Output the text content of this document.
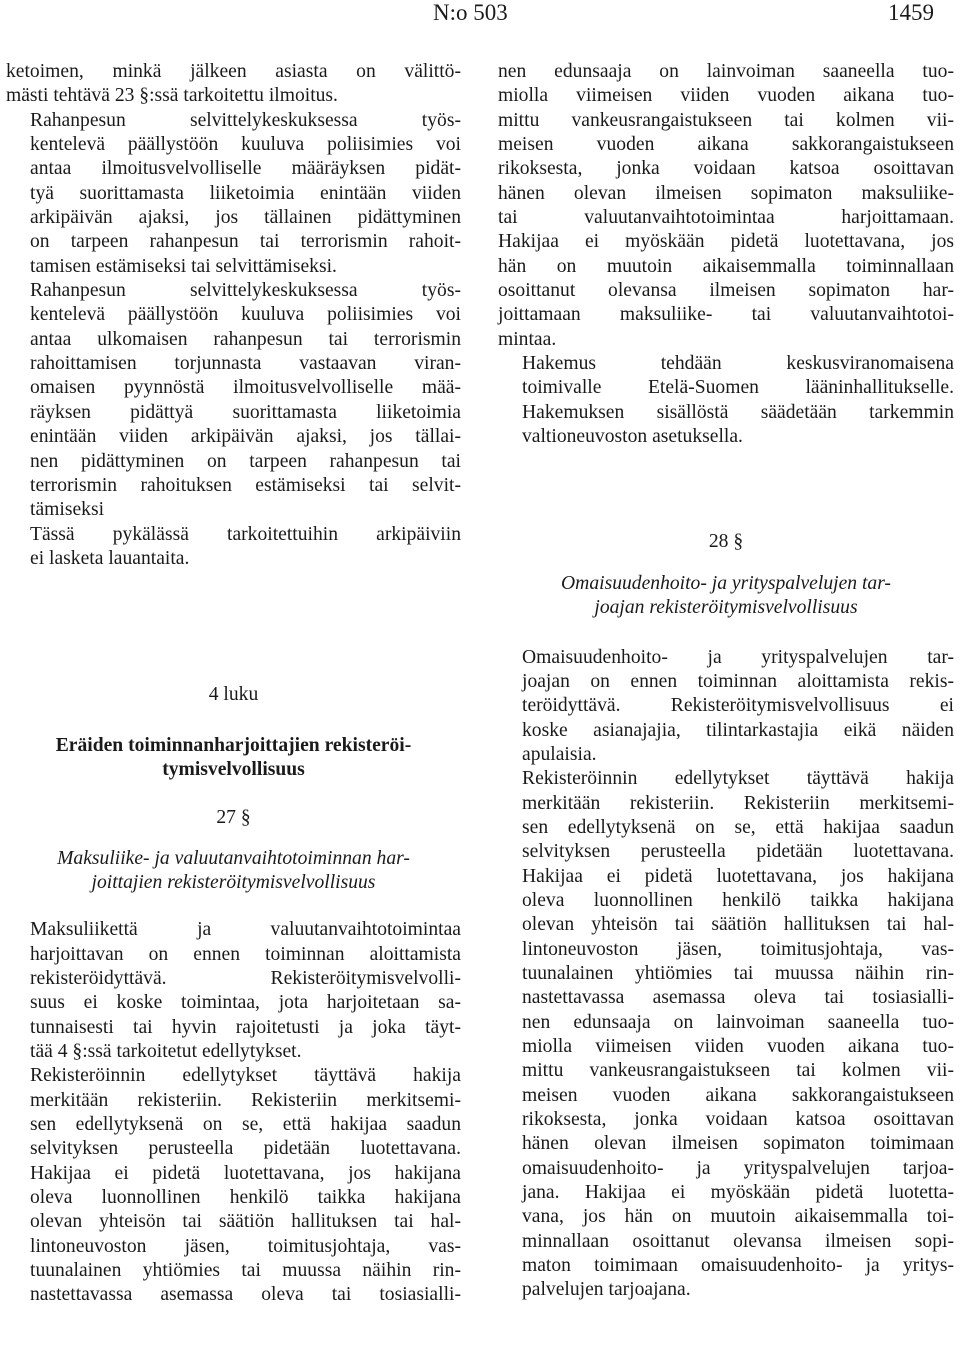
N:o 503	1459

ketoimen, minkä jälkeen asiasta on välittö-
mästi tehtävä 23 §:ssä tarkoitettu ilmoitus.

Rahanpesun selvittelykeskuksessa työs-
kentelevä päällystöön kuuluva poliisimies voi
antaa ilmoitusvelvolliselle määräyksen pidät-
tyä suorittamasta liiketoimia enintään viiden
arkipäivän ajaksi, jos tällainen pidättyminen
on tarpeen rahanpesun tai terrorismin rahoit-
tamisen estämiseksi tai selvittämiseksi.

Rahanpesun selvittelykeskuksessa työs-
kentelevä päällystöön kuuluva poliisimies voi
antaa ulkomaisen rahanpesun tai terrorismin
rahoittamisen torjunnasta vastaavan viran-
omaisen pyynnöstä ilmoitusvelvolliselle mää-
räyksen pidättyä suorittamasta liiketoimia
enintään viiden arkipäivän ajaksi, jos tällai-
nen pidättyminen on tarpeen rahanpesun tai
terrorismin rahoituksen estämiseksi tai selvit-
tämiseksi

Tässä pykälässä tarkoitettuihin arkipäiviin
ei lasketa lauantaita.

4 luku

Eräiden toiminnanharjoittajien rekisteröi-
tymisvelvollisuus

27 §

Maksuliike- ja valuutanvaihtotoiminnan har-
joittajien rekisteröitymisvelvollisuus

Maksuliikettä ja valuutanvaihtotoimintaa
harjoittavan on ennen toiminnan aloittamista
rekisteröidyttävä. Rekisteröitymisvelvolli-
suus ei koske toimintaa, jota harjoitetaan sa-
tunnaisesti tai hyvin rajoitetusti ja joka täyt-
tää 4 §:ssä tarkoitetut edellytykset.

Rekisteröinnin edellytykset täyttävä hakija
merkitään rekisteriin. Rekisteriin merkitsemi-
sen edellytyksenä on se, että hakijaa saadun
selvityksen perusteella pidetään luotettavana.
Hakijaa ei pidetä luotettavana, jos hakijana
oleva luonnollinen henkilö taikka hakijana
olevan yhteisön tai säätiön hallituksen tai hal-
lintoneuvoston jäsen, toimitusjohtaja, vas-
tuunalainen yhtiömies tai muussa näihin rin-
nastettavassa asemassa oleva tai tosiasialli-

nen edunsaaja on lainvoiman saaneella tuo-
miolla viimeisen viiden vuoden aikana tuo-
mittu vankeusrangaistukseen tai kolmen vii-
meisen vuoden aikana sakkorangaistukseen
rikoksesta, jonka voidaan katsoa osoittavan
hänen olevan ilmeisen sopimaton maksuliike-
tai valuutanvaihtotoimintaa harjoittamaan.
Hakijaa ei myöskään pidetä luotettavana, jos
hän on muutoin aikaisemmalla toiminnallaan
osoittanut olevansa ilmeisen sopimaton har-
joittamaan maksuliike- tai valuutanvaihtotoi-
mintaa.

Hakemus tehdään keskusviranomaisena
toimivalle Etelä-Suomen lääninhallitukselle.
Hakemuksen sisällöstä säädetään tarkemmin
valtioneuvoston asetuksella.

28 §

Omaisuudenhoito- ja yrityspalvelujen tar-
joajan rekisteröitymisvelvollisuus

Omaisuudenhoito- ja yrityspalvelujen tar-
joajan on ennen toiminnan aloittamista rekis-
teröidyttävä. Rekisteröitymisvelvollisuus ei
koske asianajajia, tilintarkastajia eikä näiden
apulaisia.

Rekisteröinnin edellytykset täyttävä hakija
merkitään rekisteriin. Rekisteriin merkitsemi-
sen edellytyksenä on se, että hakijaa saadun
selvityksen perusteella pidetään luotettavana.
Hakijaa ei pidetä luotettavana, jos hakijana
oleva luonnollinen henkilö taikka hakijana
olevan yhteisön tai säätiön hallituksen tai hal-
lintoneuvoston jäsen, toimitusjohtaja, vas-
tuunalainen yhtiömies tai muussa näihin rin-
nastettavassa asemassa oleva tai tosiasialli-
nen edunsaaja on lainvoiman saaneella tuo-
miolla viimeisen viiden vuoden aikana tuo-
mittu vankeusrangaistukseen tai kolmen vii-
meisen vuoden aikana sakkorangaistukseen
rikoksesta, jonka voidaan katsoa osoittavan
hänen olevan ilmeisen sopimaton toimimaan
omaisuudenhoito- ja yrityspalvelujen tarjoa-
jana. Hakijaa ei myöskään pidetä luotetta-
vana, jos hän on muutoin aikaisemmalla toi-
minnallaan osoittanut olevansa ilmeisen sopi-
maton toimimaan omaisuudenhoito- ja yritys-
palvelujen tarjoajana.
